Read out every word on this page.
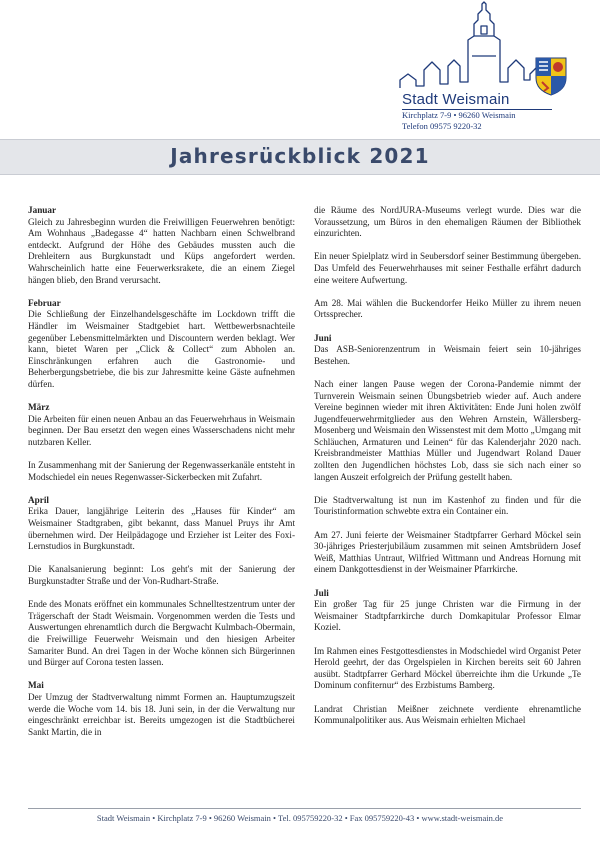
Stadt Weismain
Kirchplatz 7-9 • 96260 Weismain
Telefon 09575 9220-32
Jahresrückblick 2021
Januar

Gleich zu Jahresbeginn wurden die Freiwilligen Feuerwehren benötigt: Am Wohnhaus „Badegasse 4“ hatten Nachbarn einen Schwelbrand entdeckt. Aufgrund der Höhe des Gebäudes mussten auch die Drehleitern aus Burgkunstadt und Küps angefordert werden. Wahrscheinlich hatte eine Feuerwerksrakete, die an einem Ziegel hängen blieb, den Brand verursacht.

Februar

Die Schließung der Einzelhandelsgeschäfte im Lockdown trifft die Händler im Weismainer Stadtgebiet hart. Wettbewerbsnachteile gegenüber Lebensmittelmärkten und Discountern werden beklagt. Wer kann, bietet Waren per „Click & Collect“ zum Abholen an. Einschränkungen erfahren auch die Gastronomie- und Beherbergungsbetriebe, die bis zur Jahresmitte keine Gäste aufnehmen dürfen.

März

Die Arbeiten für einen neuen Anbau an das Feuerwehrhaus in Weismain beginnen. Der Bau ersetzt den wegen eines Wasserschadens nicht mehr nutzbaren Keller.

In Zusammenhang mit der Sanierung der Regenwasserkanäle entsteht in Modschiedel ein neues Regenwasser-Sickerbecken mit Zufahrt.

April

Erika Dauer, langjährige Leiterin des „Hauses für Kinder“ am Weismainer Stadtgraben, gibt bekannt, dass Manuel Pruys ihr Amt übernehmen wird. Der Heilpädagoge und Erzieher ist Leiter des Foxi-Lernstudios in Burgkunstadt.

Die Kanalsanierung beginnt: Los geht's mit der Sanierung der Burgkunstadter Straße und der Von-Rudhart-Straße.

Ende des Monats eröffnet ein kommunales Schnelltestzentrum unter der Trägerschaft der Stadt Weismain. Vorgenommen werden die Tests und Auswertungen ehrenamtlich durch die Bergwacht Kulmbach-Obermain, die Freiwillige Feuerwehr Weismain und den hiesigen Arbeiter Samariter Bund. An drei Tagen in der Woche können sich Bürgerinnen und Bürger auf Corona testen lassen.

Mai

Der Umzug der Stadtverwaltung nimmt Formen an. Hauptumzugszeit werde die Woche vom 14. bis 18. Juni sein, in der die Verwaltung nur eingeschränkt erreichbar ist. Bereits umgezogen ist die Stadtbücherei Sankt Martin, die in

die Räume des NordJURA-Museums verlegt wurde. Dies war die Voraussetzung, um Büros in den ehemaligen Räumen der Bibliothek einzurichten.

Ein neuer Spielplatz wird in Seubersdorf seiner Bestimmung übergeben. Das Umfeld des Feuerwehrhauses mit seiner Festhalle erfährt dadurch eine weitere Aufwertung.

Am 28. Mai wählen die Buckendorfer Heiko Müller zu ihrem neuen Ortssprecher.

Juni

Das ASB-Seniorenzentrum in Weismain feiert sein 10-jähriges Bestehen.

Nach einer langen Pause wegen der Corona-Pandemie nimmt der Turnverein Weismain seinen Übungsbetrieb wieder auf. Auch andere Vereine beginnen wieder mit ihren Aktivitäten: Ende Juni holen zwölf Jugendfeuerwehrmitglieder aus den Wehren Arnstein, Wällersberg-Mosenberg und Weismain den Wissenstest mit dem Motto „Umgang mit Schläuchen, Armaturen und Leinen“ für das Kalenderjahr 2020 nach. Kreisbrandmeister Matthias Müller und Jugendwart Roland Dauer zollten den Jugendlichen höchstes Lob, dass sie sich nach einer so langen Auszeit erfolgreich der Prüfung gestellt haben.

Die Stadtverwaltung ist nun im Kastenhof zu finden und für die Touristinformation schwebte extra ein Container ein.

Am 27. Juni feierte der Weismainer Stadtpfarrer Gerhard Möckel sein 30-jähriges Priesterjubiläum zusammen mit seinen Amtsbrüdern Josef Weiß, Matthias Untraut, Wilfried Wittmann und Andreas Hornung mit einem Dankgottesdienst in der Weismainer Pfarrkirche.

Juli

Ein großer Tag für 25 junge Christen war die Firmung in der Weismainer Stadtpfarrkirche durch Domkapitular Professor Elmar Koziel.

Im Rahmen eines Festgottesdienstes in Modschiedel wird Organist Peter Herold geehrt, der das Orgelspielen in Kirchen bereits seit 60 Jahren ausübt. Stadtpfarrer Gerhard Möckel überreichte ihm die Urkunde „Te Dominum confiternur“ des Erzbistums Bamberg.

Landrat Christian Meißner zeichnete verdiente ehrenamtliche Kommunalpolitiker aus. Aus Weismain erhielten Michael

Stadt Weismain • Kirchplatz 7-9 • 96260 Weismain • Tel. 095759220-32 • Fax 095759220-43 • www.stadt-weismain.de
